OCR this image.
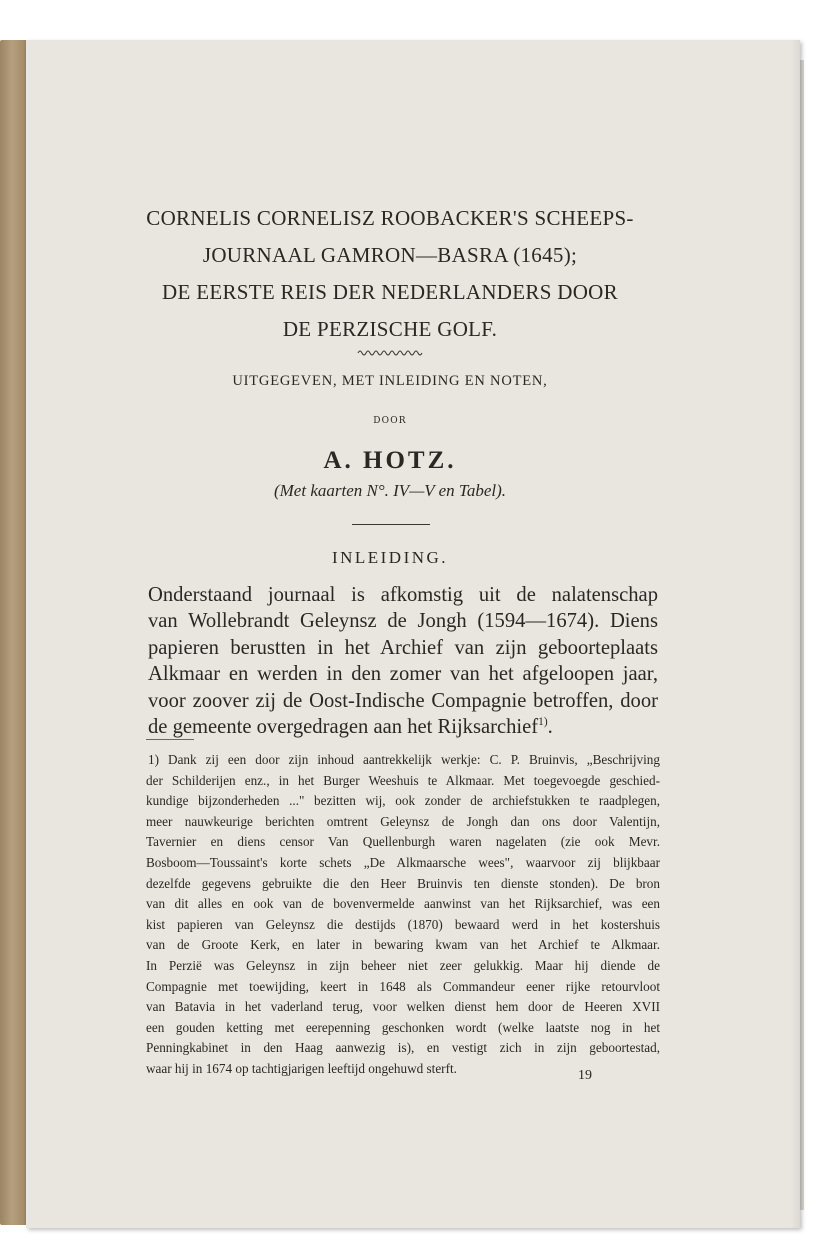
CORNELIS CORNELISZ ROOBACKER'S SCHEEPS-
JOURNAAL GAMRON—BASRA (1645);
DE EERSTE REIS DER NEDERLANDERS DOOR
DE PERZISCHE GOLF.
UITGEGEVEN, MET INLEIDING EN NOTEN,
DOOR
A. HOTZ.
(Met kaarten N°. IV—V en Tabel).
INLEIDING.
Onderstaand journaal is afkomstig uit de nalatenschap
van Wollebrandt Geleynsz de Jongh (1594—1674). Diens
papieren berustten in het Archief van zijn geboorteplaats
Alkmaar en werden in den zomer van het afgeloopen jaar,
voor zoover zij de Oost-Indische Compagnie betroffen, door
de gemeente overgedragen aan het Rijksarchief$^{1)}$.
1) Dank zij een door zijn inhoud aantrekkelijk werkje: C. P. Bruinvis, „Beschrijving
der Schilderijen enz., in het Burger Weeshuis te Alkmaar. Met toegevoegde geschied-
kundige bijzonderheden ..." bezitten wij, ook zonder de archiefstukken te raadplegen,
meer nauwkeurige berichten omtrent Geleynsz de Jongh dan ons door Valentijn,
Tavernier en diens censor Van Quellenburgh waren nagelaten (zie ook Mevr.
Bosboom—Toussaint's korte schets „De Alkmaarsche wees", waarvoor zij blijkbaar
dezelfde gegevens gebruikte die den Heer Bruinvis ten dienste stonden). De bron
van dit alles en ook van de bovenvermelde aanwinst van het Rijksarchief, was een
kist papieren van Geleynsz die destijds (1870) bewaard werd in het kostershuis
van de Groote Kerk, en later in bewaring kwam van het Archief te Alkmaar.
In Perzië was Geleynsz in zijn beheer niet zeer gelukkig. Maar hij diende de
Compagnie met toewijding, keert in 1648 als Commandeur eener rijke retourvloot
van Batavia in het vaderland terug, voor welken dienst hem door de Heeren XVII
een gouden ketting met eerepenning geschonken wordt (welke laatste nog in het
Penningkabinet in den Haag aanwezig is), en vestigt zich in zijn geboortestad,
waar hij in 1674 op tachtigjarigen leeftijd ongehuwd sterft.	19
